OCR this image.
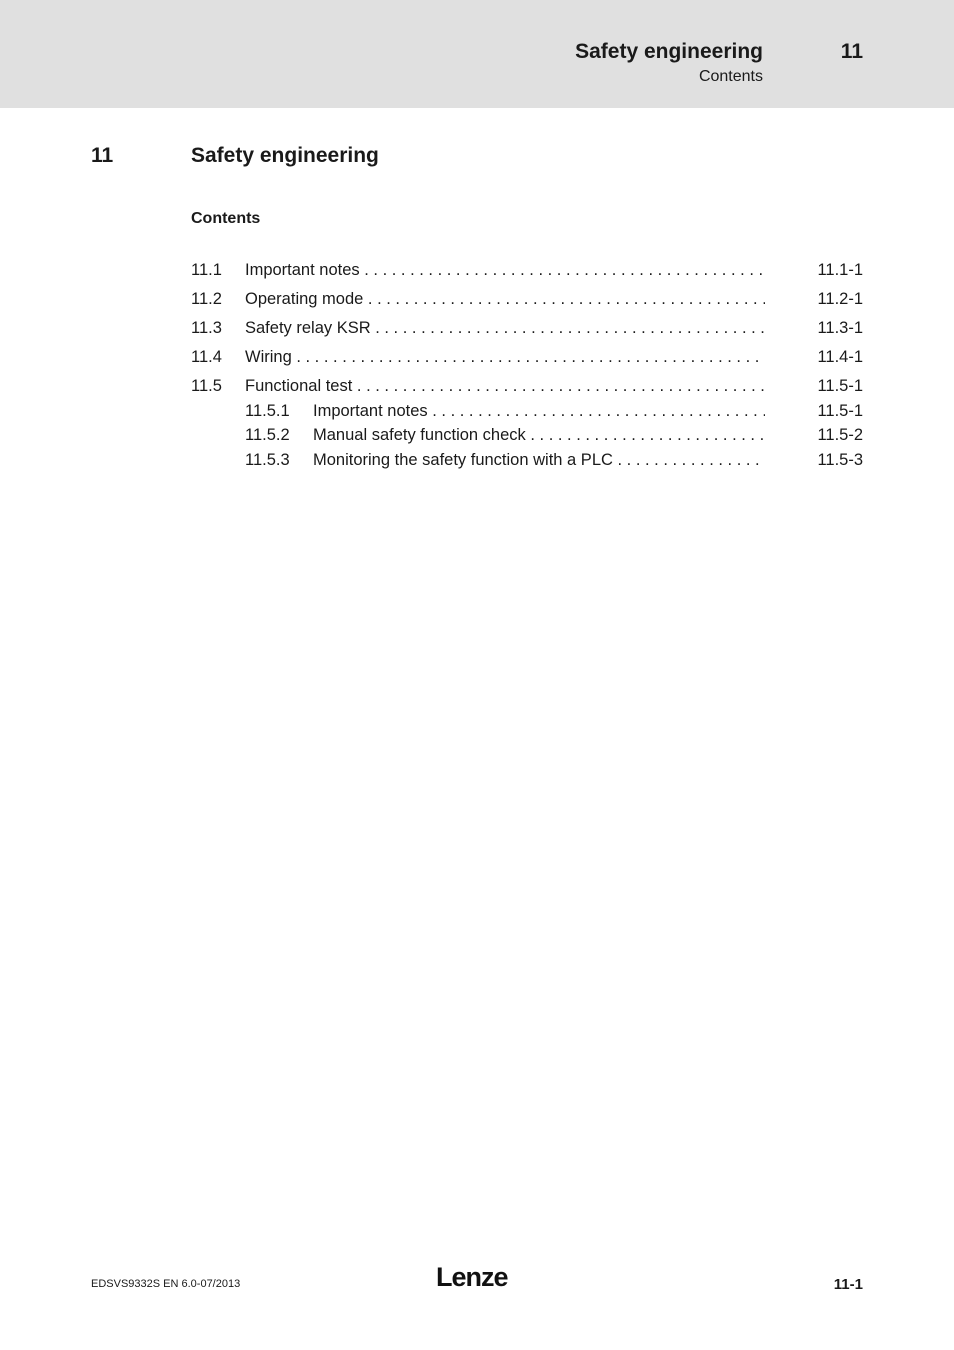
Safety engineering	11
Contents
11	Safety engineering
Contents
11.1 Important notes . . .	11.1-1
11.2 Operating mode . . .	11.2-1
11.3 Safety relay KSR . . .	11.3-1
11.4 Wiring . . .	11.4-1
11.5 Functional test . . .	11.5-1
11.5.1 Important notes . . .	11.5-1
11.5.2 Manual safety function check . . .	11.5-2
11.5.3 Monitoring the safety function with a PLC . . .	11.5-3
EDSVS9332S EN 6.0-07/2013	Lenze	11-1
